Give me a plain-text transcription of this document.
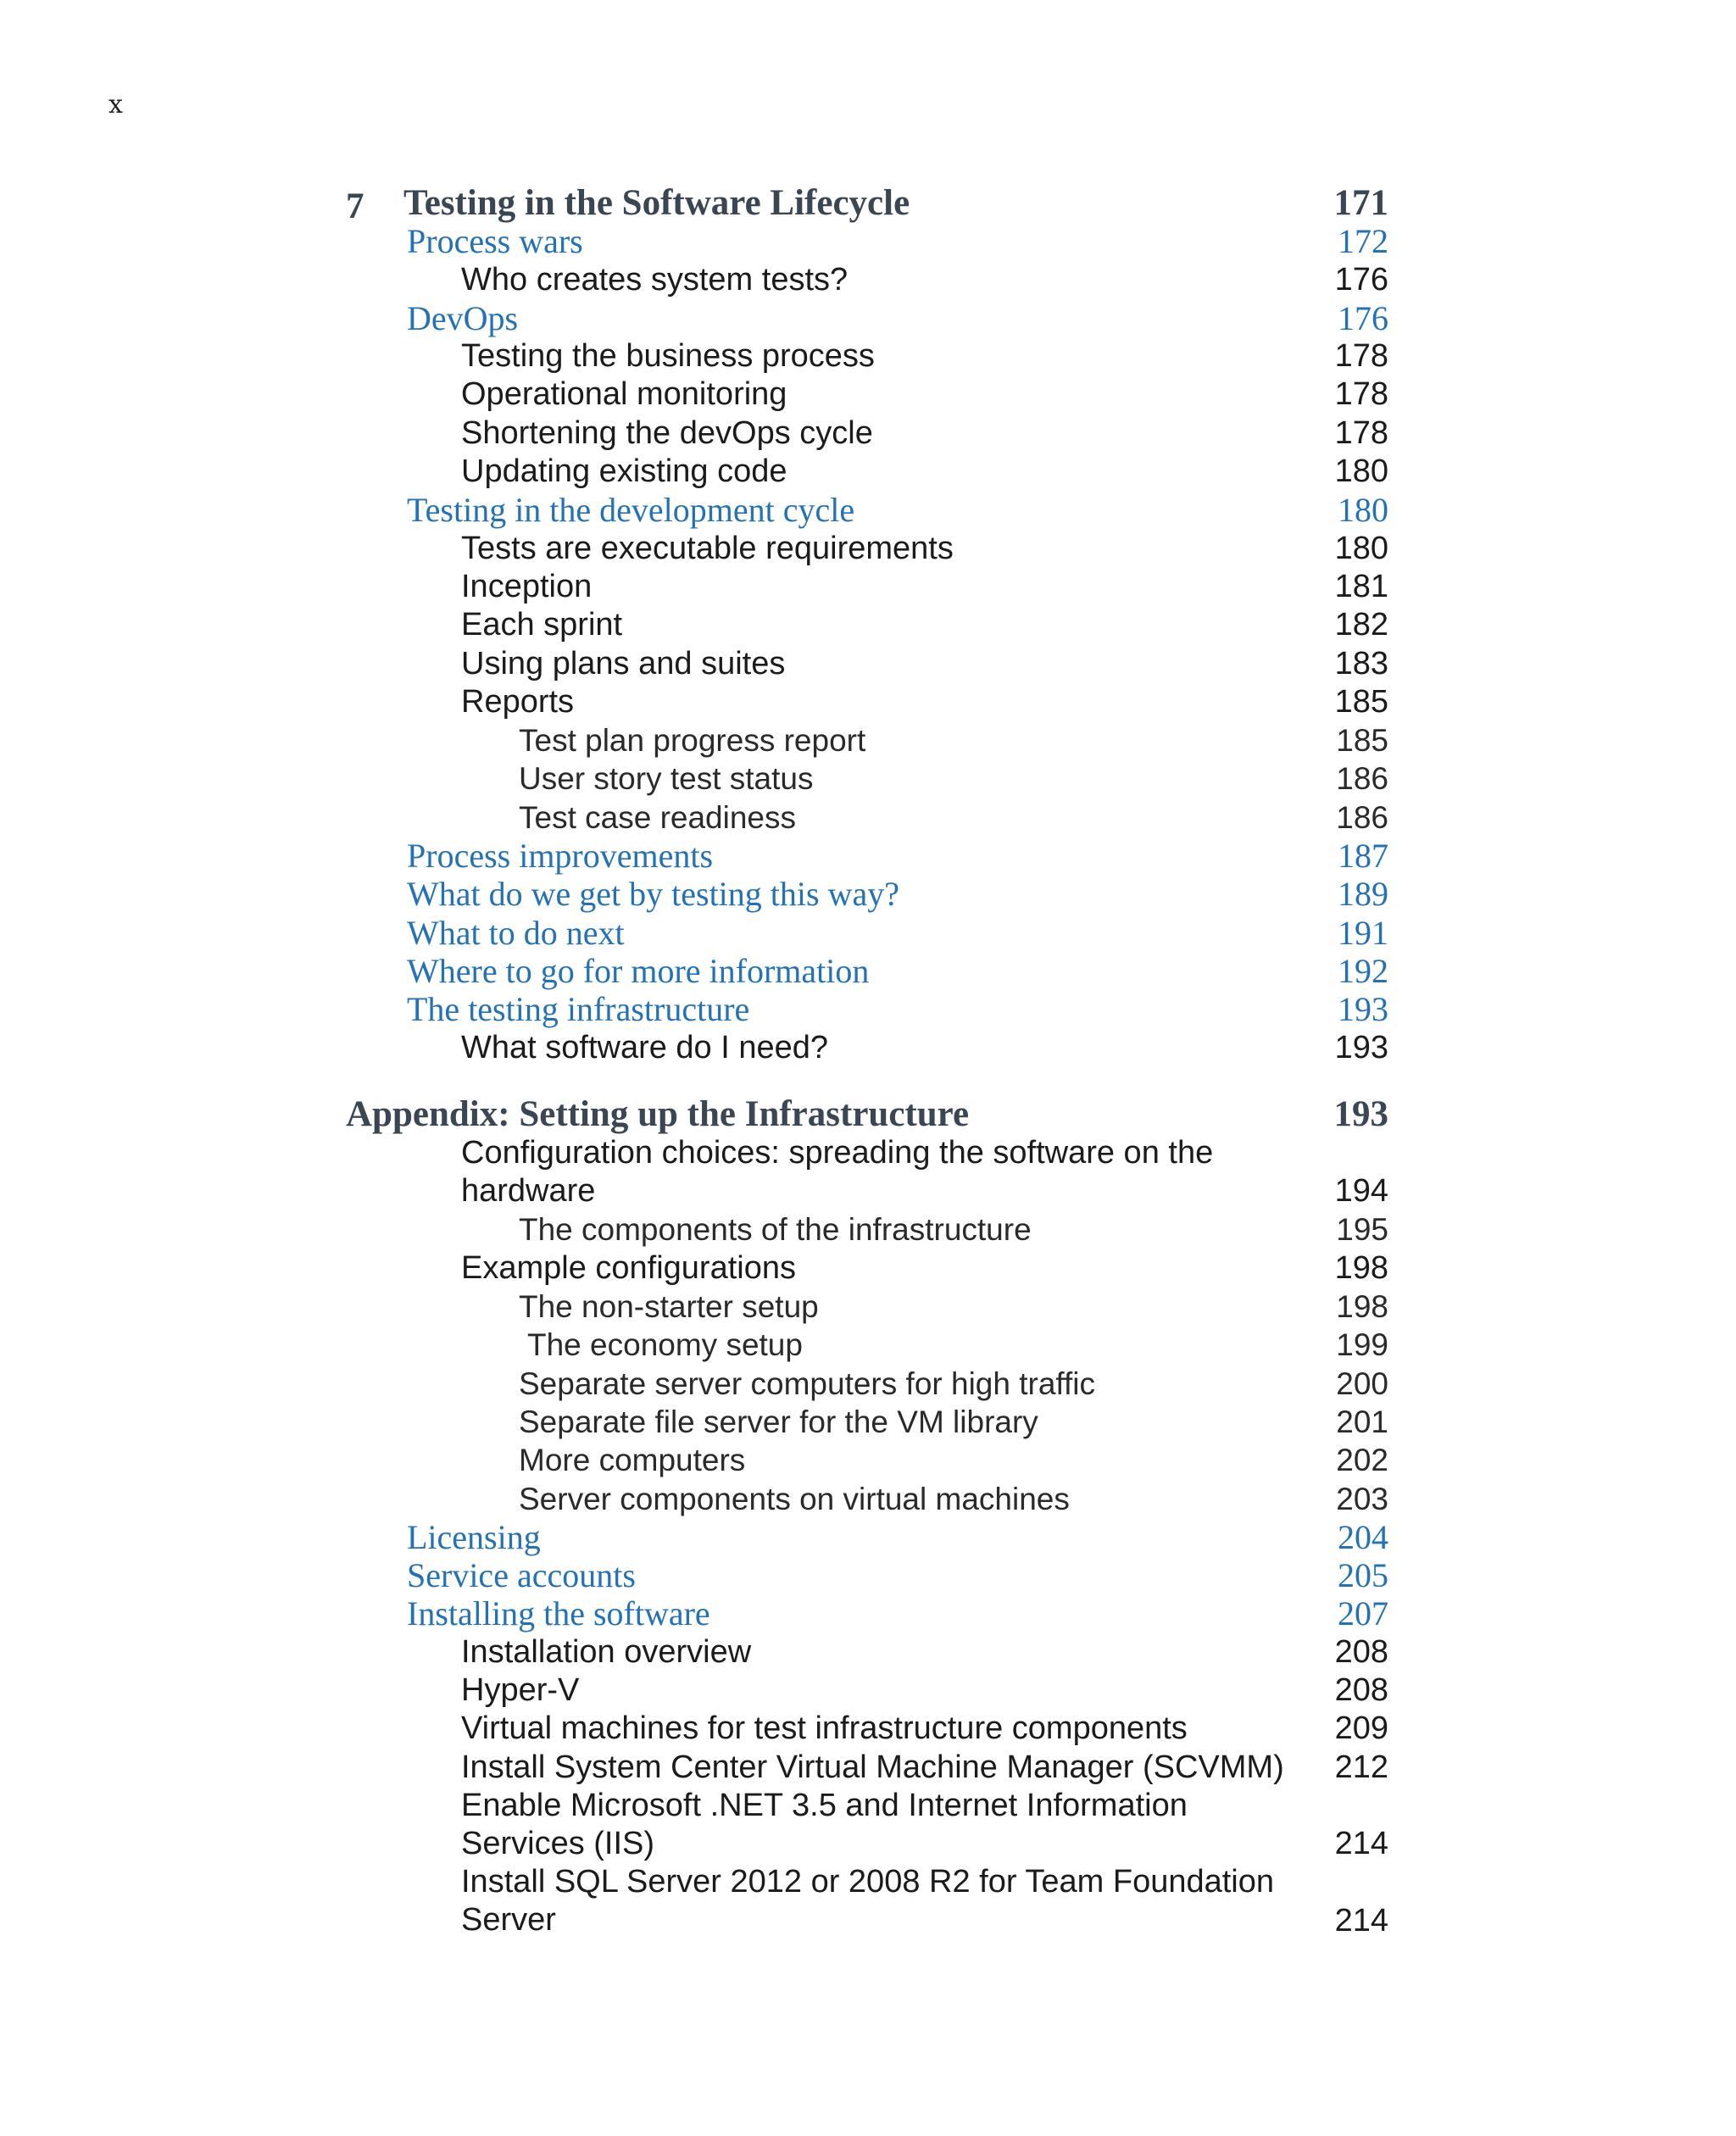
x
7 Testing in the Software Lifecycle	171
Process wars	172
Who creates system tests?	176
DevOps	176
Testing the business process	178
Operational monitoring	178
Shortening the devOps cycle	178
Updating existing code	180
Testing in the development cycle	180
Tests are executable requirements	180
Inception	181
Each sprint	182
Using plans and suites	183
Reports	185
Test plan progress report	185
User story test status	186
Test case readiness	186
Process improvements	187
What do we get by testing this way?	189
What to do next	191
Where to go for more information	192
The testing infrastructure	193
What software do I need?	193
Appendix: Setting up the Infrastructure	193
Configuration choices: spreading the software on the hardware	194
The components of the infrastructure	195
Example configurations	198
The non-starter setup	198
The economy setup	199
Separate server computers for high traffic	200
Separate file server for the VM library	201
More computers	202
Server components on virtual machines	203
Licensing	204
Service accounts	205
Installing the software	207
Installation overview	208
Hyper-V	208
Virtual machines for test infrastructure components	209
Install System Center Virtual Machine Manager (SCVMM) 212
Enable Microsoft .NET 3.5 and Internet Information Services (IIS)	214
Install SQL Server 2012 or 2008 R2 for Team Foundation Server	214
